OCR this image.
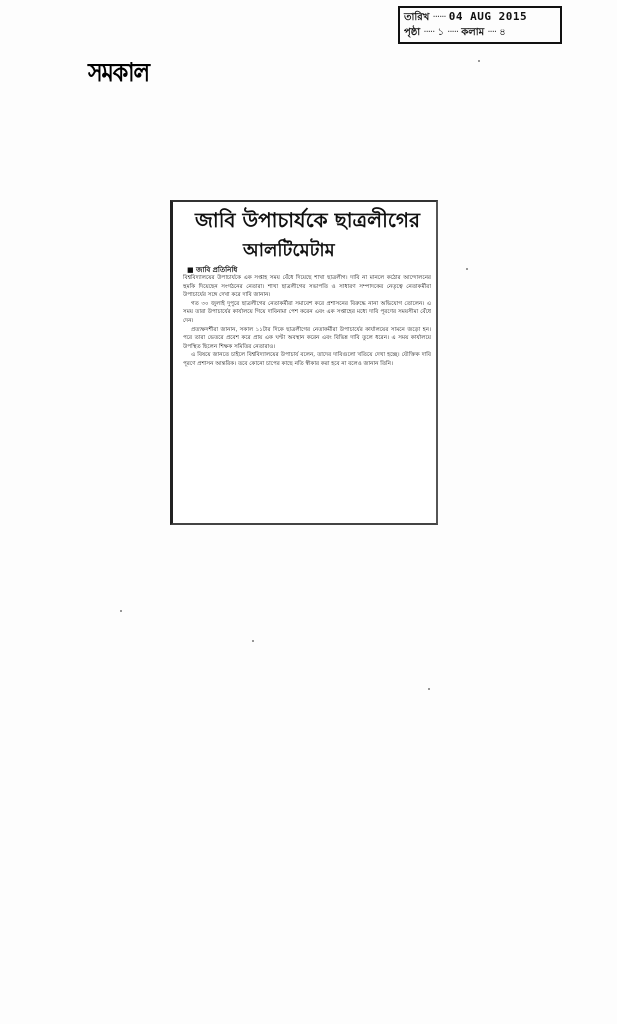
তারিখ ······ 04 AUG 2015
পৃষ্ঠা ····· ১ ····· কলাম ···· ৪
সমকাল
জাবি উপাচার্যকে ছাত্রলীগের
আলটিমেটাম
■ জাবি প্রতিনিধি

বিশ্ববিদ্যালয়ের উপাচার্যকে এক সপ্তাহ সময় বেঁধে দিয়েছে শাখা ছাত্রলীগ। দাবি না মানলে কঠোর আন্দোলনের হুমকি দিয়েছেন সংগঠনের নেতারা। শাখা ছাত্রলীগের সভাপতি ও সাধারণ সম্পাদকের নেতৃত্বে নেতাকর্মীরা উপাচার্যের সঙ্গে দেখা করে দাবি জানান।

গত ৩০ জুলাই দুপুরে ছাত্রলীগের নেতাকর্মীরা সমাবেশ করে প্রশাসনের বিরুদ্ধে নানা অভিযোগ তোলেন। এ সময় তারা উপাচার্যের কার্যালয়ে গিয়ে দাবিনামা পেশ করেন এবং এক সপ্তাহের মধ্যে দাবি পূরণের সময়সীমা বেঁধে দেন।

প্রত্যক্ষদর্শীরা জানান, সকাল ১১টার দিকে ছাত্রলীগের নেতাকর্মীরা উপাচার্যের কার্যালয়ের সামনে জড়ো হন। পরে তারা ভেতরে প্রবেশ করে প্রায় এক ঘণ্টা অবস্থান করেন এবং বিভিন্ন দাবি তুলে ধরেন। এ সময় কার্যালয়ে উপস্থিত ছিলেন শিক্ষক সমিতির নেতারাও।

এ বিষয়ে জানতে চাইলে বিশ্ববিদ্যালয়ের উপাচার্য বলেন, তাদের দাবিগুলো খতিয়ে দেখা হচ্ছে। যৌক্তিক দাবি পূরণে প্রশাসন আন্তরিক। তবে কোনো চাপের কাছে নতি স্বীকার করা হবে না বলেও জানান তিনি।
